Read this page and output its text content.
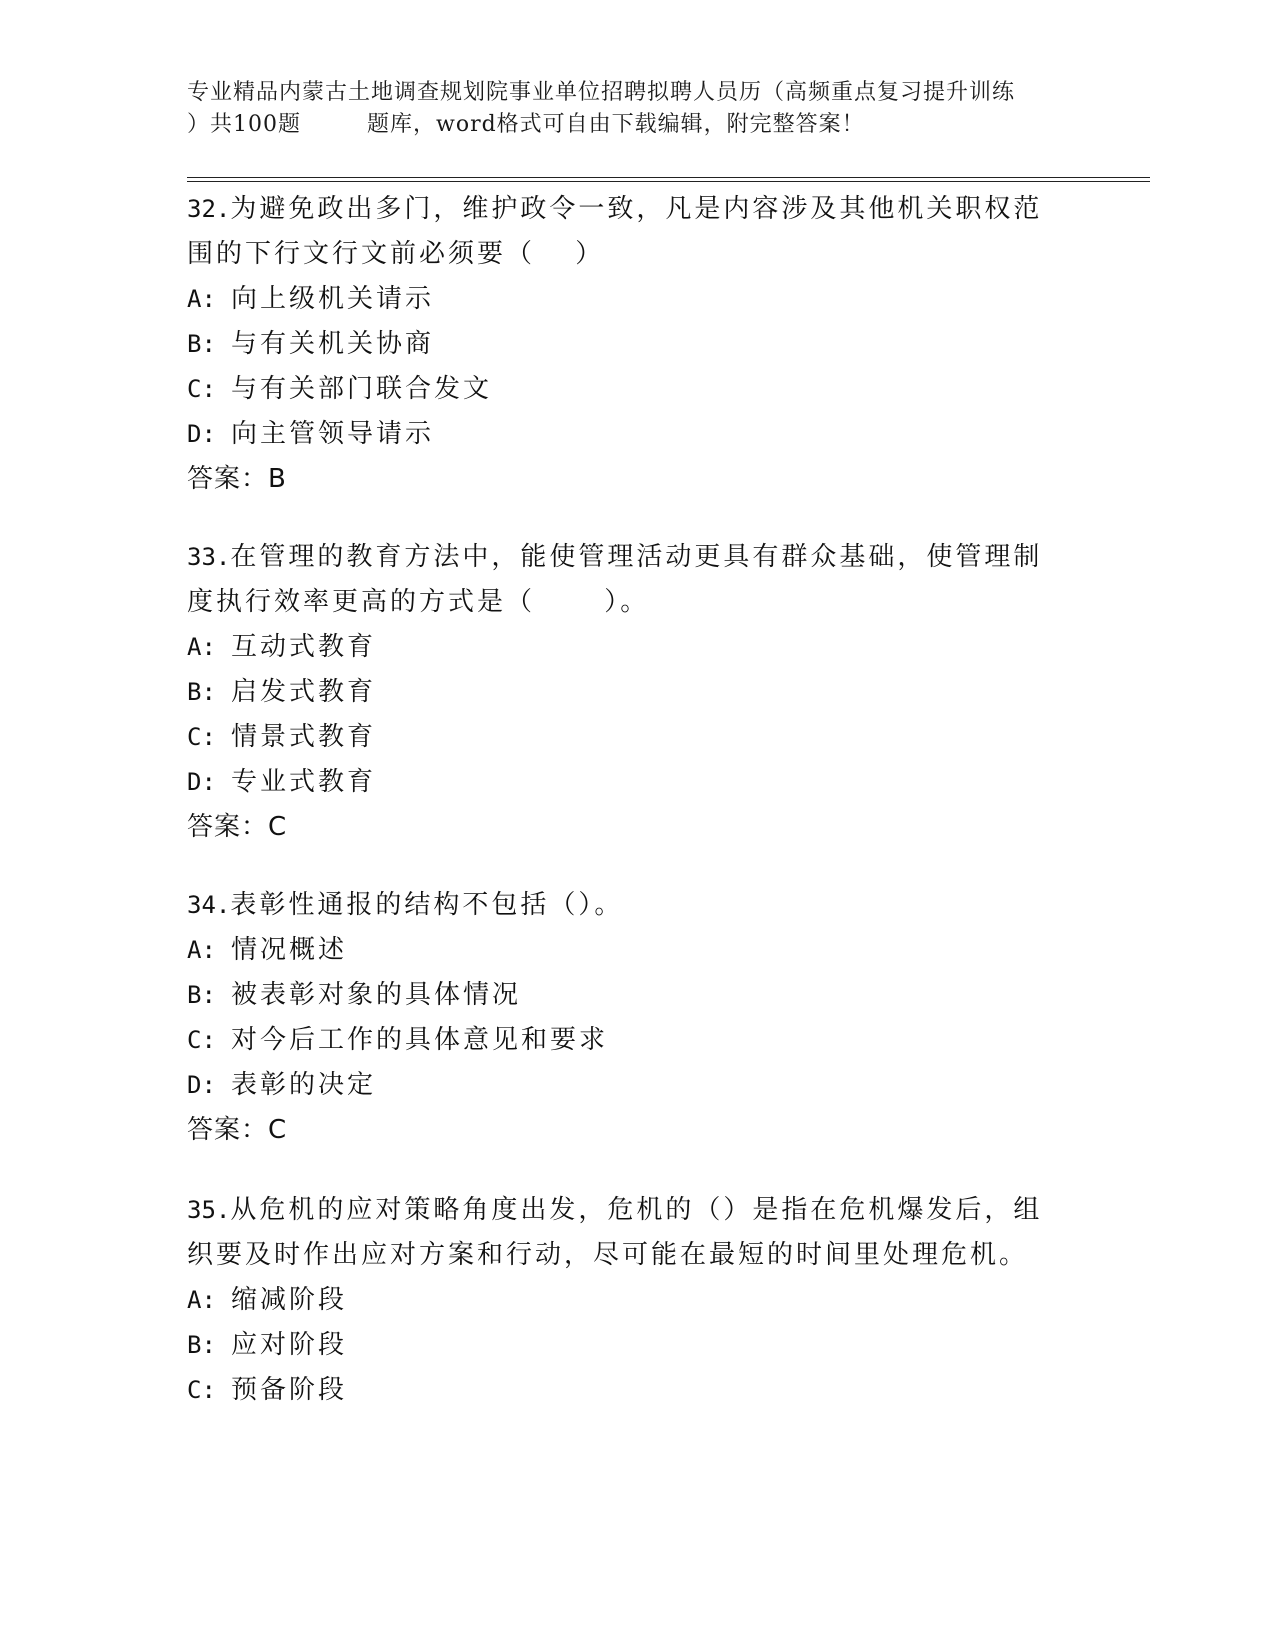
专业精品内蒙古土地调查规划院事业单位招聘拟聘人员历（高频重点复习提升训练
）共100题	题库，word格式可自由下载编辑，附完整答案！
32.为避免政出多门，维护政令一致，凡是内容涉及其他机关职权范围的下行文行文前必须要（　 ）
A: 向上级机关请示
B: 与有关机关协商
C: 与有关部门联合发文
D: 向主管领导请示
答案：B
33.在管理的教育方法中，能使管理活动更具有群众基础，使管理制度执行效率更高的方式是（　　 ）。
A: 互动式教育
B: 启发式教育
C: 情景式教育
D: 专业式教育
答案：C
34.表彰性通报的结构不包括（）。
A: 情况概述
B: 被表彰对象的具体情况
C: 对今后工作的具体意见和要求
D: 表彰的决定
答案：C
35.从危机的应对策略角度出发，危机的（）是指在危机爆发后，组织要及时作出应对方案和行动，尽可能在最短的时间里处理危机。
A: 缩减阶段
B: 应对阶段
C: 预备阶段
